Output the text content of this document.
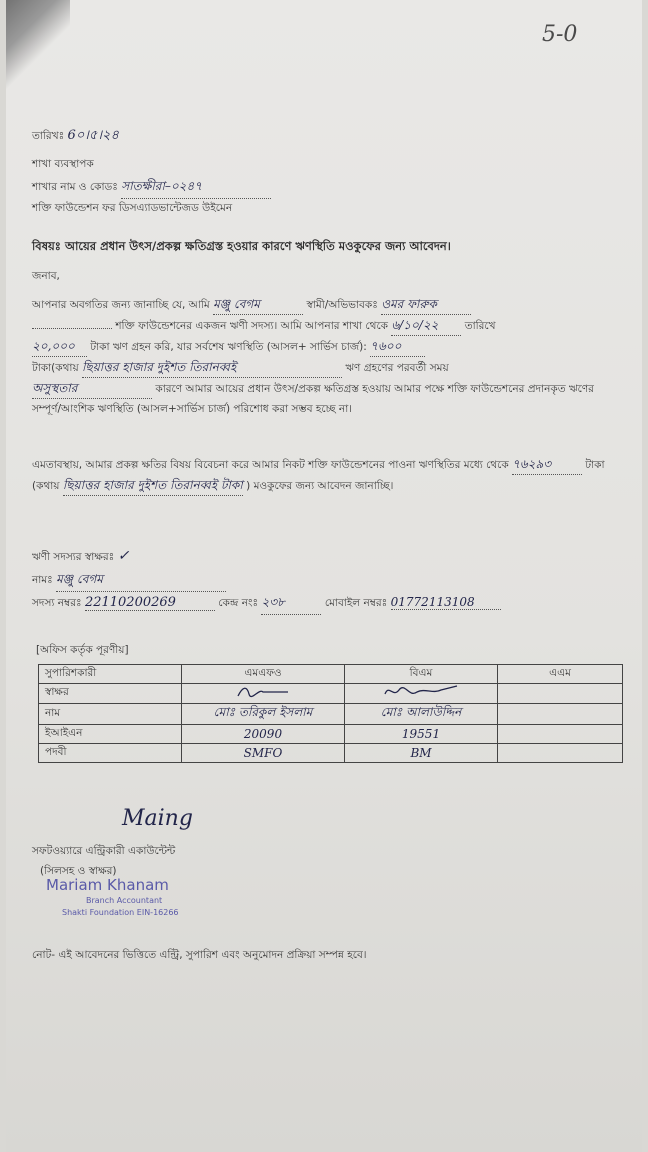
5-0
তারিখঃ 6০।৫।২৪
শাখা ব্যবস্থাপক
শাখার নাম ও কোডঃ সাতক্ষীরা–০২৪৭
শক্তি ফাউন্ডেশন ফর ডিসএ্যাডভান্টেজড উইমেন
বিষয়ঃ আয়ের প্রধান উৎস/প্রকল্প ক্ষতিগ্রস্ত হওয়ার কারণে ঋণস্থিতি মওকুফের জন্য আবেদন।
জনাব,
আপনার অবগতির জন্য জানাচ্ছি যে, আমি মঞ্জু বেগম	স্বামী/অভিভাবকঃ ওমর ফারুক
শক্তি ফাউন্ডেশনের একজন ঋণী সদস্য। আমি আপনার শাখা থেকে ৬/১০/২২	তারিখে
২০,০০০ টাকা ঋণ গ্রহন করি, যার সর্বশেষ ঋণস্থিতি (আসল+ সার্ভিস চার্জ): ৭৬০০
টাকা(কথায় ছিয়াত্তর হাজার দুইশত তিরানব্বই	ঋণ গ্রহণের পরবর্তী সময়
অসুস্থতার	কারণে আমার আয়ের প্রধান উৎস/প্রকল্প ক্ষতিগ্রস্ত হওয়ায় আমার পক্ষে শক্তি ফাউন্ডেশনের প্রদানকৃত ঋণের সম্পূর্ণ/আংশিক ঋণস্থিতি (আসল+সার্ভিস চার্জ) পরিশোধ করা সম্ভব হচ্ছে না।
এমতাবস্থায়, আমার প্রকল্প ক্ষতির বিষয় বিবেচনা করে আমার নিকট শক্তি ফাউন্ডেশনের পাওনা ঋণস্থিতির মধ্যে থেকে ৭৬২৯৩	টাকা (কথায় ছিয়াত্তর হাজার দুইশত তিরানব্বই টাকা ) মওকুফের জন্য আবেদন জানাচ্ছি।
ঋণী সদস্যর স্বাক্ষরঃ ✓
নামঃ মঞ্জু বেগম
সদস্য নম্বরঃ 22110200269	কেন্দ্র নংঃ ২৩৮	মোবাইল নম্বরঃ 01772113108
[অফিস কর্তৃক পূরণীয়]
সুপারিশকারী	এমএফও	বিএম	এএম
স্বাক্ষর			
নাম	মোঃ তরিকুল ইসলাম	মোঃ আলাউদ্দিন	
ইআইএন	20090	19551	
পদবী	SMFO	BM	
Maing
সফটওয়্যারে এন্ট্রিকারী একাউন্টেন্ট
(সিলসহ ও স্বাক্ষর)
Mariam Khanam
Branch Accountant
Shakti Foundation EIN-16266
নোট- এই আবেদনের ভিত্তিতে এন্ট্রি, সুপারিশ এবং অনুমোদন প্রক্রিয়া সম্পন্ন হবে।
